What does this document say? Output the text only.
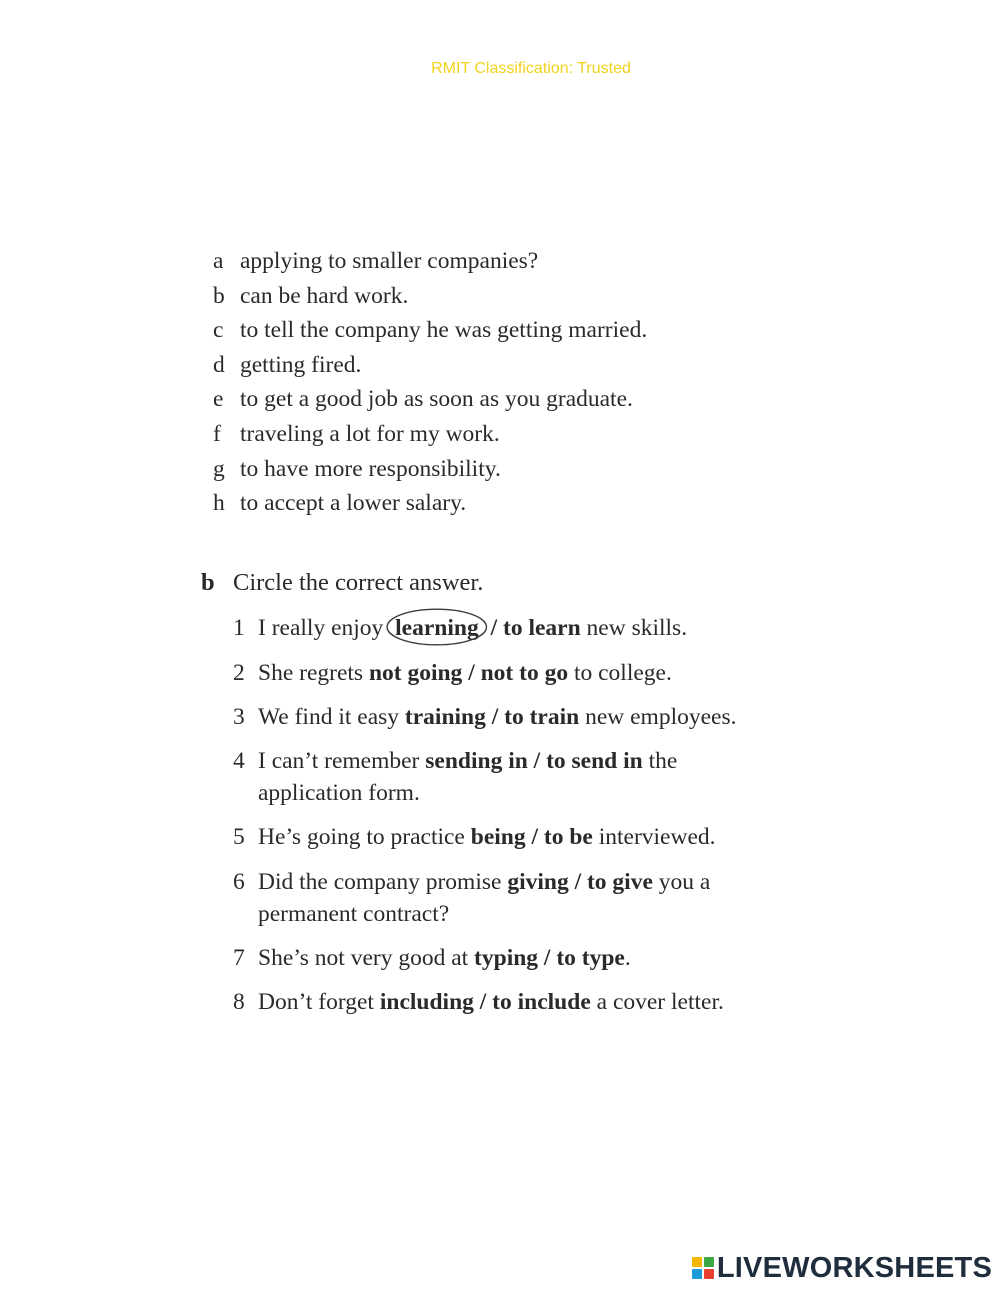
RMIT Classification: Trusted
a applying to smaller companies?
b can be hard work.
c to tell the company he was getting married.
d getting fired.
e to get a good job as soon as you graduate.
f traveling a lot for my work.
g to have more responsibility.
h to accept a lower salary.
b Circle the correct answer.
1 I really enjoy learning
/ to learn new skills.
2 She regrets not going / not to go to college.
3 We find it easy training / to train new employees.
4 I can’t remember sending in / to send in the
application form.
5 He’s going to practice being / to be interviewed.
6 Did the company promise giving / to give you a
permanent contract?
7 She’s not very good at typing / to type.
8 Don’t forget including / to include a cover letter.
LIVEWORKSHEETS
